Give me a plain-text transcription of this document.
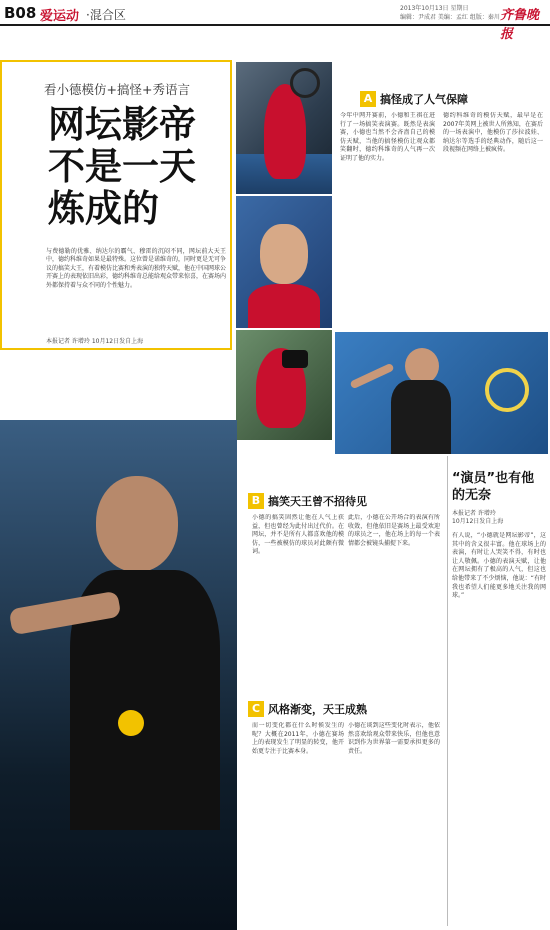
B08 爱运动 ·混合区	2013年10月13日 星期日
编辑：尹成君 美编：孟红 组版：秦川 齐鲁晚报
看小德模仿+搞怪+秀语言
网坛影帝不是一天炼成的
与费德勒的优雅、纳达尔的霸气、穆雷的沉闷不同，网坛前大天王中，德约科维奇如果是最特殊。这位曾是诺维奇的，同时更是无可争议的搞笑大王，有着模仿比赛和秀表演的独特天赋，他在中国网球公开赛上的表现依旧出彩，德约科维奇总能给观众带来惊喜，在赛场内外都保持着与众不同的个性魅力。
本报记者 许增玲 10月12日发自上海
A 搞怪成了人气保障
今年中网开赛前，小德和王祺在进行了一场搞笑表演赛。既然是表演赛，小德也当然不会吝啬自己的模仿天赋，当他的搞怪模仿让观众都笑翻时，德约科维奇的人气再一次证明了他的实力。
德约科维奇的模仿天赋，最早是在2007年美网上被世人所熟知，在赛后的一场表演中，他模仿了莎拉波娃、纳达尔等选手的经典动作，随后这一段视频在网络上被疯传。
B 搞笑天王曾不招待见
小德的搞笑固然让他在人气上获益，但也曾经为此付出过代价。在网坛，并不是所有人都喜欢他的模仿，一些被模仿的球员对此颇有微词。
此后，小德在公开场合的表演有所收敛，但他依旧是赛场上最受欢迎的球员之一，他在场上的每一个表情都会被镜头捕捉下来。
C 风格渐变，天王成熟
而一切变化都在什么时候发生的呢？大概在2011年，小德在赛场上的表现发生了明显的转变，他开始更专注于比赛本身。
小德在谈到这些变化时表示，他依然喜欢给观众带来快乐，但他也意识到作为世界第一需要承担更多的责任。
“演员”也有他的无奈
本报记者 许增玲
10月12日发自上海
有人说，“小德就是网坛影帝”，这其中的含义很丰富。他在球场上的表演，有时让人哭笑不得，有时也让人敬佩。小德的表演天赋，让他在网坛拥有了极高的人气，但这也给他带来了不少烦恼，他说：“有时我也希望人们能更多地关注我的网球。”
